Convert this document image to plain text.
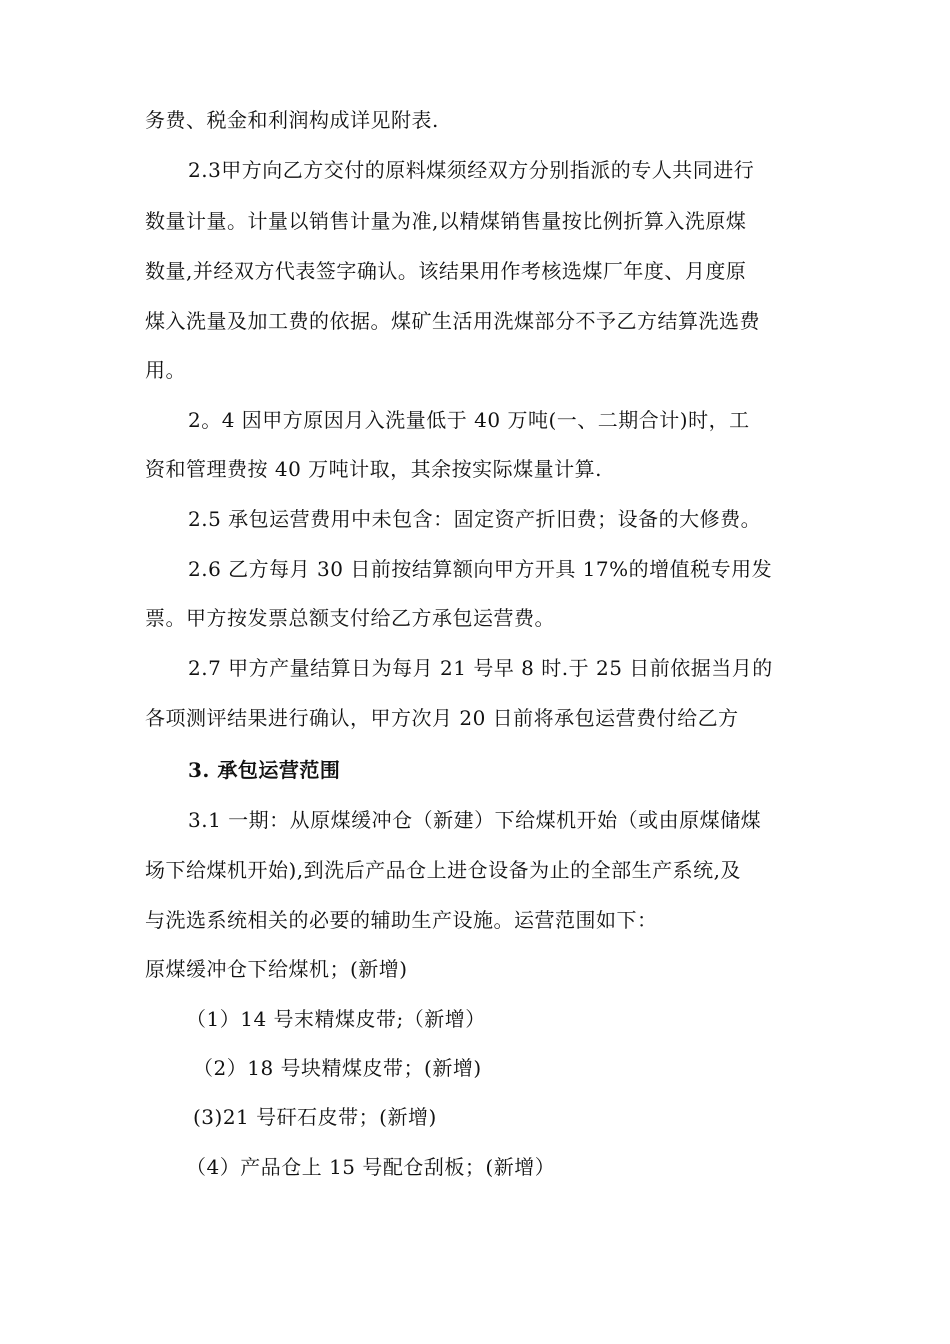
务费、税金和利润构成详见附表.
2.3甲方向乙方交付的原料煤须经双方分别指派的专人共同进行
数量计量。计量以销售计量为准,以精煤销售量按比例折算入洗原煤
数量,并经双方代表签字确认。该结果用作考核选煤厂年度、月度原
煤入洗量及加工费的依据。煤矿生活用洗煤部分不予乙方结算洗选费
用。
2。4 因甲方原因月入洗量低于 40 万吨(一、二期合计)时，工
资和管理费按 40 万吨计取，其余按实际煤量计算.
2.5 承包运营费用中未包含：固定资产折旧费；设备的大修费。
2.6 乙方每月 30 日前按结算额向甲方开具 17%的增值税专用发
票。甲方按发票总额支付给乙方承包运营费。
2.7 甲方产量结算日为每月 21 号早 8 时.于 25 日前依据当月的
各项测评结果进行确认，甲方次月 20 日前将承包运营费付给乙方
3. 承包运营范围
3.1 一期：从原煤缓冲仓（新建）下给煤机开始（或由原煤储煤
场下给煤机开始),到洗后产品仓上进仓设备为止的全部生产系统,及
与洗选系统相关的必要的辅助生产设施。运营范围如下：
原煤缓冲仓下给煤机；(新增)
（1）14 号末精煤皮带;（新增）
（2）18 号块精煤皮带；(新增)
(3)21 号矸石皮带；(新增)
（4）产品仓上 15 号配仓刮板；(新增）
